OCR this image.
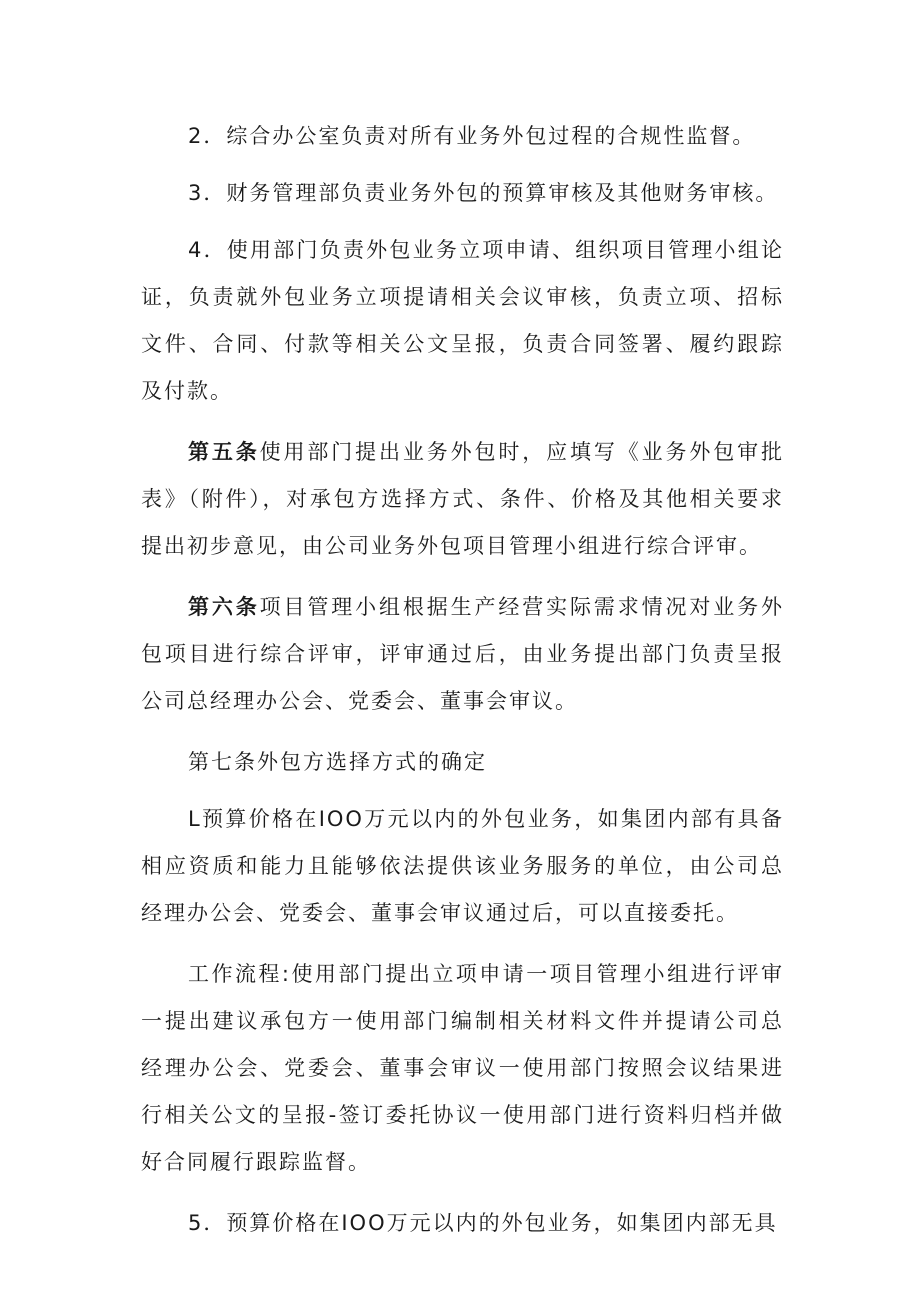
2．综合办公室负责对所有业务外包过程的合规性监督。

3．财务管理部负责业务外包的预算审核及其他财务审核。

4．使用部门负责外包业务立项申请、组织项目管理小组论证，负责就外包业务立项提请相关会议审核，负责立项、招标文件、合同、付款等相关公文呈报，负责合同签署、履约跟踪及付款。

第五条使用部门提出业务外包时，应填写《业务外包审批表》（附件），对承包方选择方式、条件、价格及其他相关要求提出初步意见，由公司业务外包项目管理小组进行综合评审。

第六条项目管理小组根据生产经营实际需求情况对业务外包项目进行综合评审，评审通过后，由业务提出部门负责呈报公司总经理办公会、党委会、董事会审议。

第七条外包方选择方式的确定

L预算价格在IOO万元以内的外包业务，如集团内部有具备相应资质和能力且能够依法提供该业务服务的单位，由公司总经理办公会、党委会、董事会审议通过后，可以直接委托。

工作流程:使用部门提出立项申请一项目管理小组进行评审一提出建议承包方一使用部门编制相关材料文件并提请公司总经理办公会、党委会、董事会审议一使用部门按照会议结果进行相关公文的呈报-签订委托协议一使用部门进行资料归档并做好合同履行跟踪监督。

5．预算价格在IOO万元以内的外包业务，如集团内部无具
